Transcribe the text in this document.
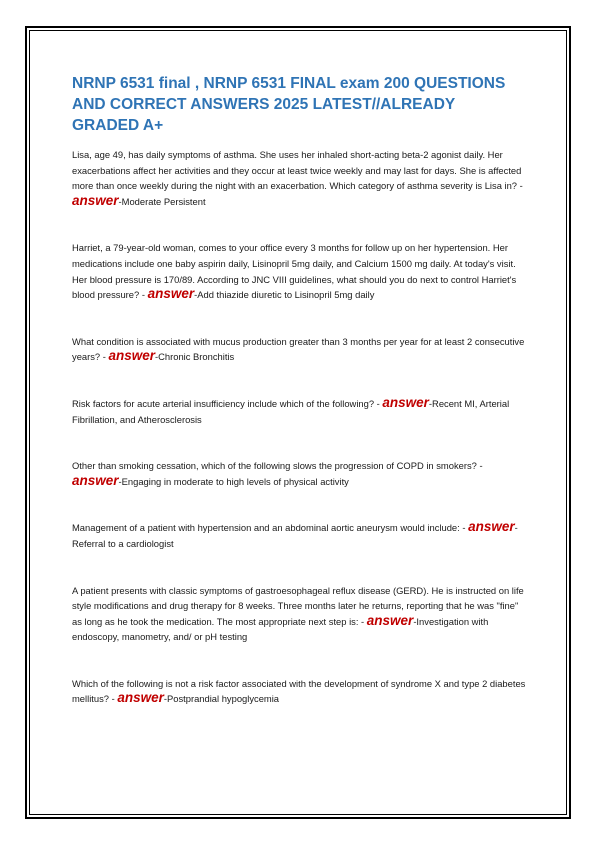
NRNP 6531 final , NRNP 6531 FINAL exam 200 QUESTIONS AND CORRECT ANSWERS 2025 LATEST//ALREADY GRADED A+

Lisa, age 49, has daily symptoms of asthma. She uses her inhaled short-acting beta-2 agonist daily. Her exacerbations affect her activities and they occur at least twice weekly and may last for days. She is affected more than once weekly during the night with an exacerbation. Which category of asthma severity is Lisa in? - answer-Moderate Persistent

Harriet, a 79-year-old woman, comes to your office every 3 months for follow up on her hypertension. Her medications include one baby aspirin daily, Lisinopril 5mg daily, and Calcium 1500 mg daily. At today's visit. Her blood pressure is 170/89. According to JNC VIII guidelines, what should you do next to control Harriet's blood pressure? - answer-Add thiazide diuretic to Lisinopril 5mg daily

What condition is associated with mucus production greater than 3 months per year for at least 2 consecutive years? - answer-Chronic Bronchitis

Risk factors for acute arterial insufficiency include which of the following? - answer-Recent MI, Arterial Fibrillation, and Atherosclerosis

Other than smoking cessation, which of the following slows the progression of COPD in smokers? - answer-Engaging in moderate to high levels of physical activity

Management of a patient with hypertension and an abdominal aortic aneurysm would include: - answer-Referral to a cardiologist

A patient presents with classic symptoms of gastroesophageal reflux disease (GERD). He is instructed on life style modifications and drug therapy for 8 weeks. Three months later he returns, reporting that he was "fine" as long as he took the medication. The most appropriate next step is: - answer-Investigation with endoscopy, manometry, and/ or pH testing

Which of the following is not a risk factor associated with the development of syndrome X and type 2 diabetes mellitus? - answer-Postprandial hypoglycemia
